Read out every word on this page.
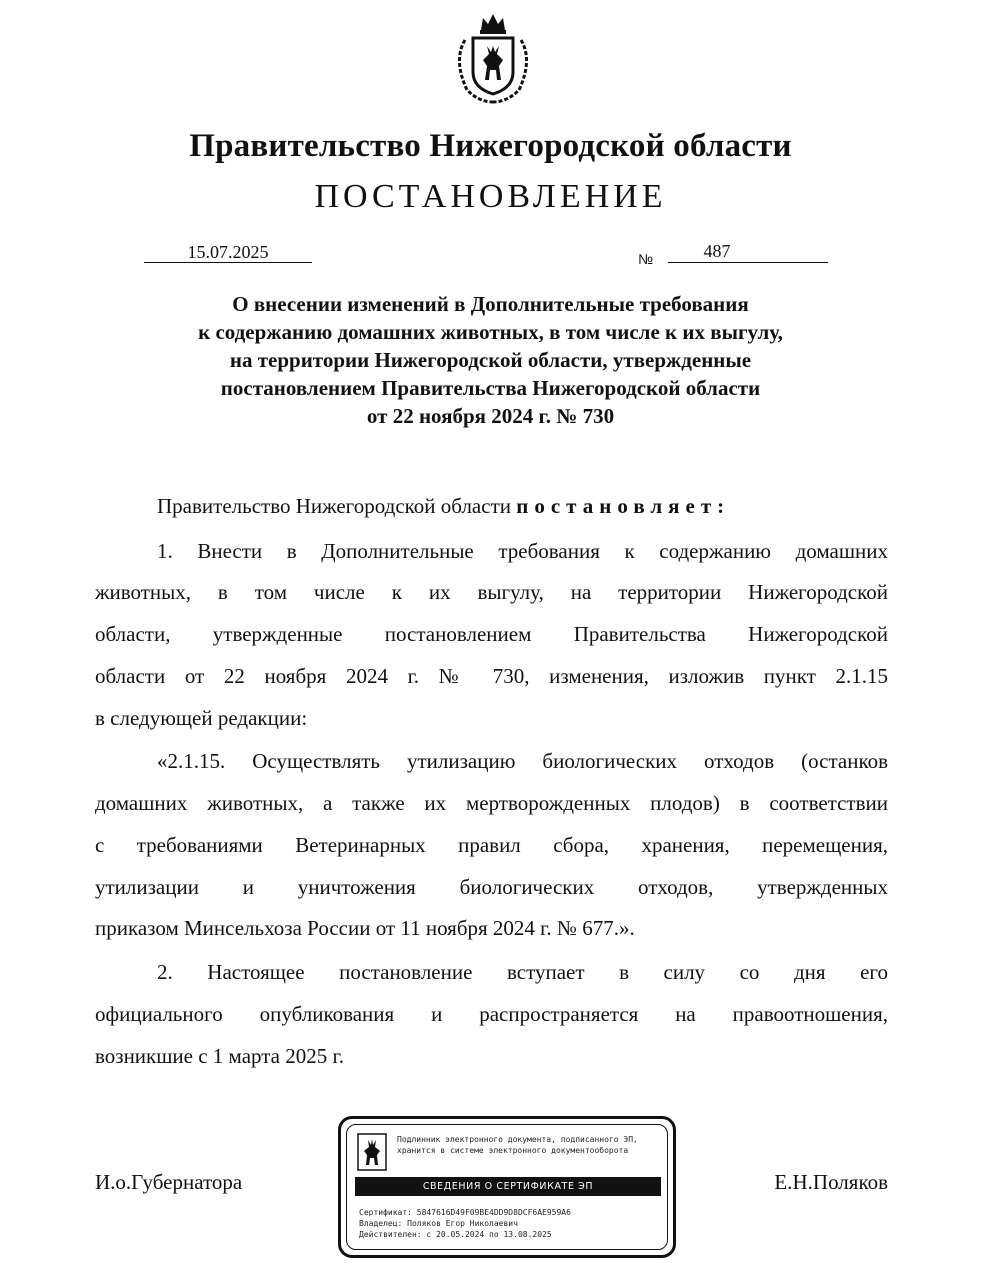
Правительство Нижегородской области
ПОСТАНОВЛЕНИЕ
15.07.2025	№	487
О внесении изменений в Дополнительные требования
к содержанию домашних животных, в том числе к их выгулу,
на территории Нижегородской области, утвержденные
постановлением Правительства Нижегородской области
от 22 ноября 2024 г. № 730
Правительство Нижегородской области постановляет:
1. Внести в Дополнительные требования к содержанию домашних
животных, в том числе к их выгулу, на территории Нижегородской
области, утвержденные постановлением Правительства Нижегородской
области от 22 ноября 2024 г. № 730, изменения, изложив пункт 2.1.15
в следующей редакции:
«2.1.15. Осуществлять утилизацию биологических отходов (останков
домашних животных, а также их мертворожденных плодов) в соответствии
с требованиями Ветеринарных правил сбора, хранения, перемещения,
утилизации и уничтожения биологических отходов, утвержденных
приказом Минсельхоза России от 11 ноября 2024 г. № 677.».
2. Настоящее постановление вступает в силу со дня его
официального опубликования и распространяется на правоотношения,
возникшие с 1 марта 2025 г.
И.о.Губернатора	Е.Н.Поляков
Подлинник электронного документа, подписанного ЭП,
хранится в системе электронного документооборота
СВЕДЕНИЯ О СЕРТИФИКАТЕ ЭП
Сертификат: 5847616D49F09BE4DD9D8DCF6AE959A6
Владелец: Поляков Егор Николаевич
Действителен: с 20.05.2024 по 13.08.2025
